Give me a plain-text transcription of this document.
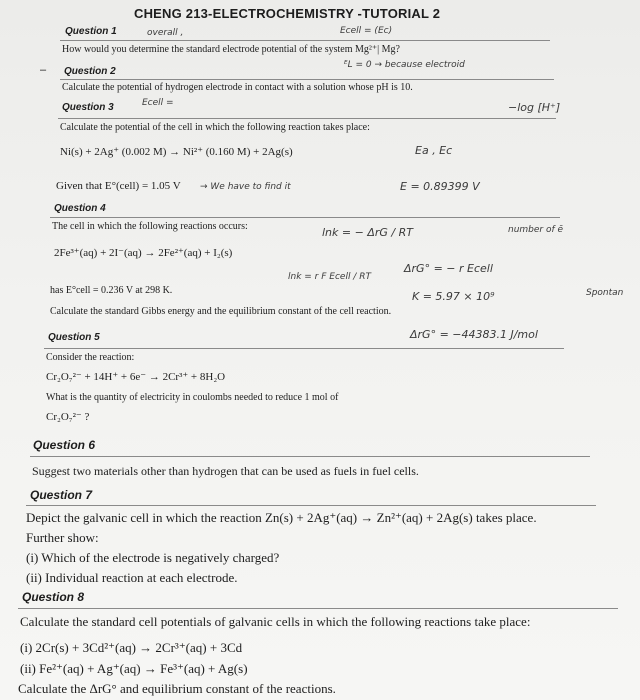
CHENG 213-ELECTROCHEMISTRY -TUTORIAL 2
Question 1	overall ,	Ecell = (Ec)
How would you determine the standard electrode potential of the system Mg²⁺| Mg?
ᴱL = 0 → because electroid
– Question 2
Calculate the potential of hydrogen electrode in contact with a solution whose pH is 10.
Ecell =	−log [H⁺]
Question 3
Calculate the potential of the cell in which the following reaction takes place:
Ni(s) + 2Ag⁺ (0.002 M) → Ni²⁺ (0.160 M) + 2Ag(s)	Ea , Ec
Given that E°(cell) = 1.05 V → We have to find it	E = 0.89399 V
Question 4
The cell in which the following reactions occurs:	lnk = − ΔrG / RT	number of ē
2Fe³⁺(aq) + 2I⁻(aq) → 2Fe²⁺(aq) + I₂(s)
has E°cell = 0.236 V at 298 K.
lnk = r F Ecell / RT
ΔrG° = − r Ecell
K = 5.97 × 10⁹	Spontan
Calculate the standard Gibbs energy and the equilibrium constant of the cell reaction.
ΔrG° = −44383.1 J/mol
Question 5
Consider the reaction:
Cr₂O₇²⁻ + 14H⁺ + 6e⁻ → 2Cr³⁺ + 8H₂O
What is the quantity of electricity in coulombs needed to reduce 1 mol of
Cr₂O₇²⁻ ?
Question 6
Suggest two materials other than hydrogen that can be used as fuels in fuel cells.
Question 7
Depict the galvanic cell in which the reaction Zn(s) + 2Ag⁺(aq) → Zn²⁺(aq) + 2Ag(s) takes place.
Further show:
(i) Which of the electrode is negatively charged?
(ii) Individual reaction at each electrode.
Question 8
Calculate the standard cell potentials of galvanic cells in which the following reactions take place:
(i) 2Cr(s) + 3Cd²⁺(aq) → 2Cr³⁺(aq) + 3Cd
(ii) Fe²⁺(aq) + Ag⁺(aq) → Fe³⁺(aq) + Ag(s)
Calculate the ΔrG° and equilibrium constant of the reactions.
